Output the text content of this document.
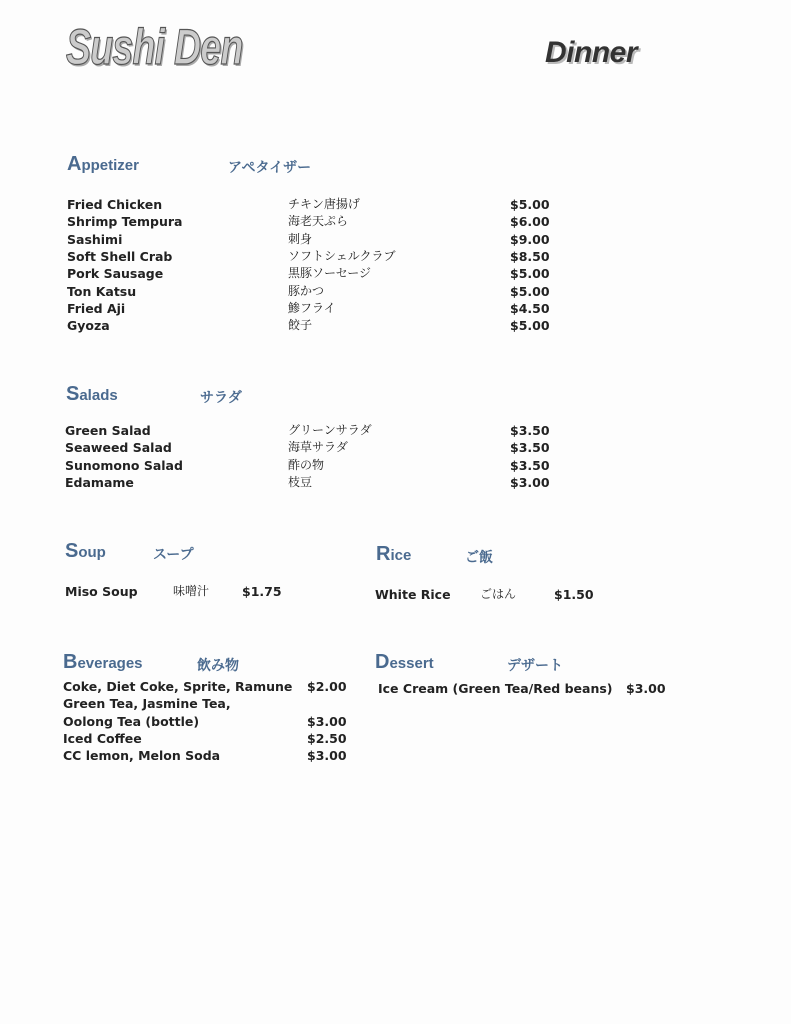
Sushi Den	Dinner
Appetizer	アペタイザー
Salads	サラダ
Soup	スープ	Rice	ご飯
Beverages	飲み物	Dessert	デザート
Fried Chicken	チキン唐揚げ	$5.00
Shrimp Tempura	海老天ぷら	$6.00
Sashimi	刺身	$9.00
Soft Shell Crab	ソフトシェルクラブ	$8.50
Pork Sausage	黒豚ソーセージ	$5.00
Ton Katsu	豚かつ	$5.00
Fried Aji	鯵フライ	$4.50
Gyoza	餃子	$5.00
Green Salad	グリーンサラダ	$3.50
Seaweed Salad	海草サラダ	$3.50
Sunomono Salad	酢の物	$3.50
Edamame	枝豆	$3.00
Miso Soup	味噌汁	$1.75	White Rice ごはん	$1.50
Coke, Diet Coke, Sprite, Ramune $2.00
Green Tea, Jasmine Tea,
Oolong Tea (bottle)	$3.00
Iced Coffee	$2.50
CC lemon, Melon Soda	$3.00
Ice Cream (Green Tea/Red beans) $3.00
